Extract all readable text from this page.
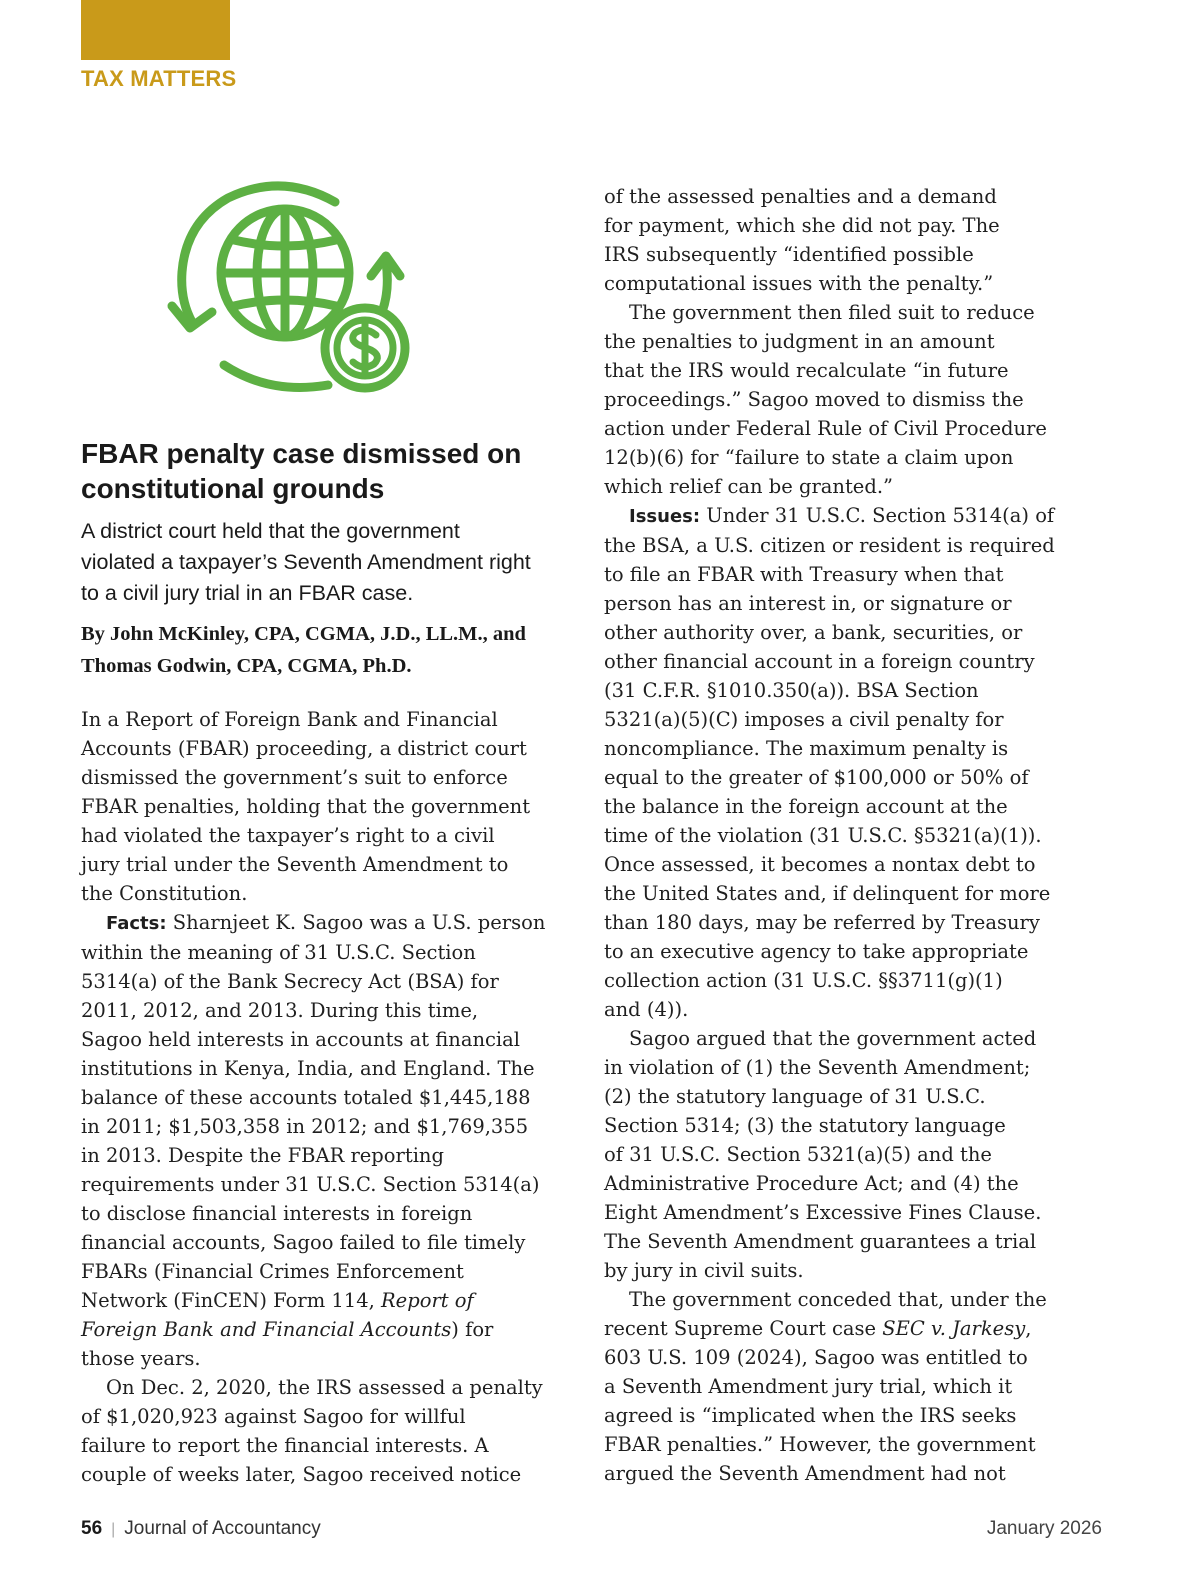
TAX MATTERS
FBAR penalty case dismissed on
constitutional grounds

A district court held that the government
violated a taxpayer’s Seventh Amendment right
to a civil jury trial in an FBAR case.

By John McKinley, CPA, CGMA, J.D., LL.M., and
Thomas Godwin, CPA, CGMA, Ph.D.

In a Report of Foreign Bank and Financial
Accounts (FBAR) proceeding, a district court
dismissed the government’s suit to enforce
FBAR penalties, holding that the government
had violated the taxpayer’s right to a civil
jury trial under the Seventh Amendment to
the Constitution.

Facts: Sharnjeet K. Sagoo was a U.S. person
within the meaning of 31 U.S.C. Section
5314(a) of the Bank Secrecy Act (BSA) for
2011, 2012, and 2013. During this time,
Sagoo held interests in accounts at financial
institutions in Kenya, India, and England. The
balance of these accounts totaled $1,445,188
in 2011; $1,503,358 in 2012; and $1,769,355
in 2013. Despite the FBAR reporting
requirements under 31 U.S.C. Section 5314(a)
to disclose financial interests in foreign
financial accounts, Sagoo failed to file timely
FBARs (Financial Crimes Enforcement
Network (FinCEN) Form 114, Report of
Foreign Bank and Financial Accounts) for
those years.

On Dec. 2, 2020, the IRS assessed a penalty
of $1,020,923 against Sagoo for willful
failure to report the financial interests. A
couple of weeks later, Sagoo received notice

of the assessed penalties and a demand
for payment, which she did not pay. The
IRS subsequently “identified possible
computational issues with the penalty.”

The government then filed suit to reduce
the penalties to judgment in an amount
that the IRS would recalculate “in future
proceedings.” Sagoo moved to dismiss the
action under Federal Rule of Civil Procedure
12(b)(6) for “failure to state a claim upon
which relief can be granted.”

Issues: Under 31 U.S.C. Section 5314(a) of
the BSA, a U.S. citizen or resident is required
to file an FBAR with Treasury when that
person has an interest in, or signature or
other authority over, a bank, securities, or
other financial account in a foreign country
(31 C.F.R. §1010.350(a)). BSA Section
5321(a)(5)(C) imposes a civil penalty for
noncompliance. The maximum penalty is
equal to the greater of $100,000 or 50% of
the balance in the foreign account at the
time of the violation (31 U.S.C. §5321(a)(1)).
Once assessed, it becomes a nontax debt to
the United States and, if delinquent for more
than 180 days, may be referred by Treasury
to an executive agency to take appropriate
collection action (31 U.S.C. §§3711(g)(1)
and (4)).

Sagoo argued that the government acted
in violation of (1) the Seventh Amendment;
(2) the statutory language of 31 U.S.C.
Section 5314; (3) the statutory language
of 31 U.S.C. Section 5321(a)(5) and the
Administrative Procedure Act; and (4) the
Eight Amendment’s Excessive Fines Clause.
The Seventh Amendment guarantees a trial
by jury in civil suits.

The government conceded that, under the
recent Supreme Court case SEC v. Jarkesy,
603 U.S. 109 (2024), Sagoo was entitled to
a Seventh Amendment jury trial, which it
agreed is “implicated when the IRS seeks
FBAR penalties.” However, the government
argued the Seventh Amendment had not

56 | Journal of Accountancy	January 2026
